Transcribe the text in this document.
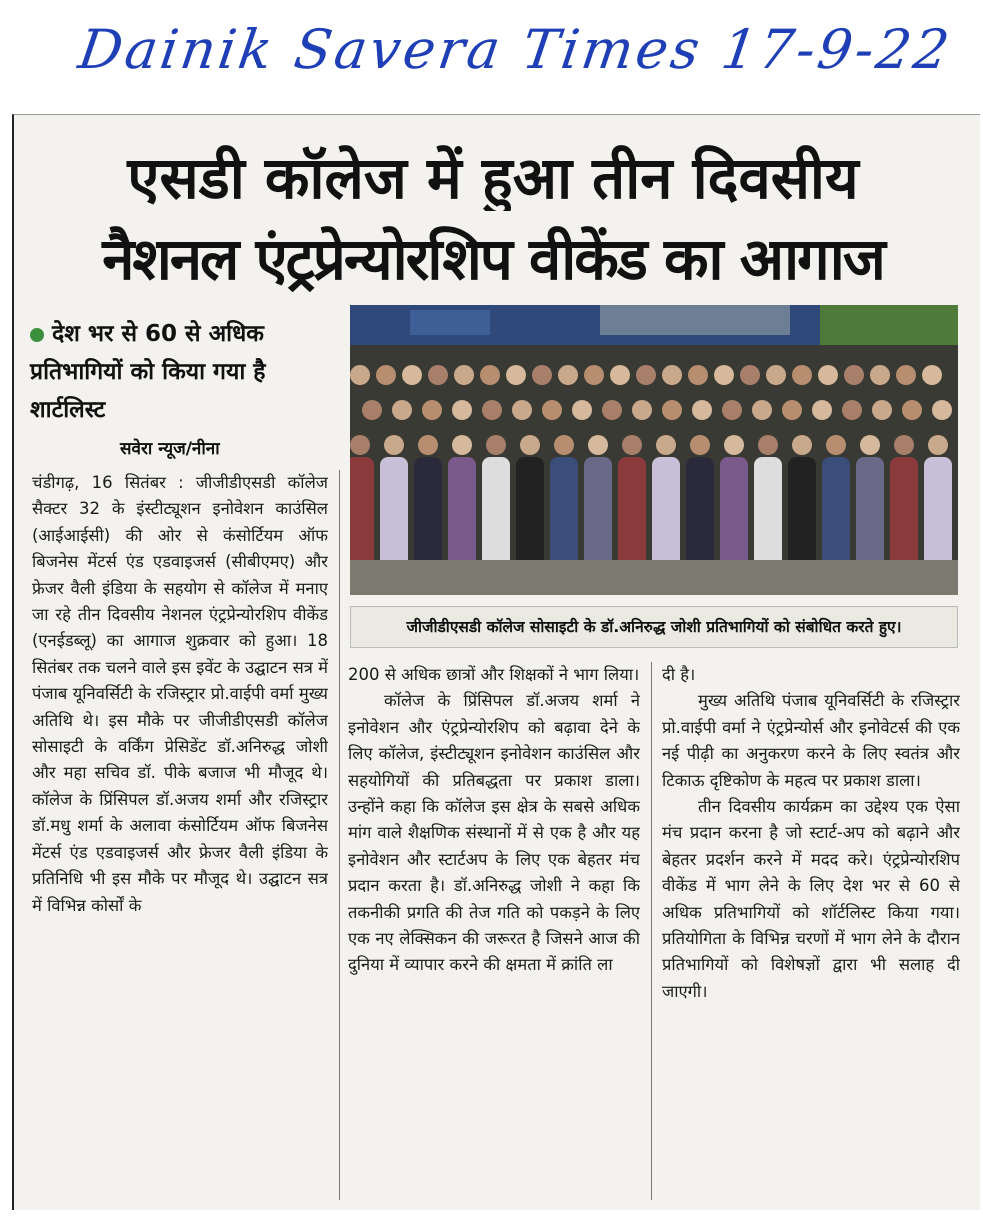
Dainik Savera Times 17-9-22
एसडी कॉलेज में हुआ तीन दिवसीय
नैशनल एंट्रप्रेन्योरशिप वीकेंड का आगाज
देश भर से 60 से अधिक प्रतिभागियों को किया गया है शार्टलिस्ट
सवेरा न्यूज/नीना
जीजीडीएसडी कॉलेज सोसाइटी के डॉ.अनिरुद्ध जोशी प्रतिभागियों को संबोधित करते हुए।

चंडीगढ़, 16 सितंबर : जीजीडीएसडी कॉलेज सैक्टर 32 के इंस्टीट्यूशन इनोवेशन काउंसिल (आईआईसी) की ओर से कंसोर्टियम ऑफ बिजनेस मेंटर्स एंड एडवाइजर्स (सीबीएमए) और फ्रेजर वैली इंडिया के सहयोग से कॉलेज में मनाए जा रहे तीन दिवसीय नेशनल एंट्रप्रेन्योरशिप वीकेंड (एनईडब्लू) का आगाज शुक्रवार को हुआ। 18 सितंबर तक चलने वाले इस इवेंट के उद्घाटन सत्र में पंजाब यूनिवर्सिटी के रजिस्ट्रार प्रो.वाईपी वर्मा मुख्य अतिथि थे। इस मौके पर जीजीडीएसडी कॉलेज सोसाइटी के वर्किंग प्रेसिडेंट डॉ.अनिरुद्ध जोशी और महा सचिव डॉ. पीके बजाज भी मौजूद थे। कॉलेज के प्रिंसिपल डॉ.अजय शर्मा और रजिस्ट्रार डॉ.मधु शर्मा के अलावा कंसोर्टियम ऑफ बिजनेस मेंटर्स एंड एडवाइजर्स और फ्रेजर वैली इंडिया के प्रतिनिधि भी इस मौके पर मौजूद थे। उद्घाटन सत्र में विभिन्न कोर्सों के

200 से अधिक छात्रों और शिक्षकों ने भाग लिया।

कॉलेज के प्रिंसिपल डॉ.अजय शर्मा ने इनोवेशन और एंट्रप्रेन्योरशिप को बढ़ावा देने के लिए कॉलेज, इंस्टीट्यूशन इनोवेशन काउंसिल और सहयोगियों की प्रतिबद्धता पर प्रकाश डाला। उन्होंने कहा कि कॉलेज इस क्षेत्र के सबसे अधिक मांग वाले शैक्षणिक संस्थानों में से एक है और यह इनोवेशन और स्टार्टअप के लिए एक बेहतर मंच प्रदान करता है। डॉ.अनिरुद्ध जोशी ने कहा कि तकनीकी प्रगति की तेज गति को पकड़ने के लिए एक नए लेक्सिकन की जरूरत है जिसने आज की दुनिया में व्यापार करने की क्षमता में क्रांति ला

दी है।

मुख्य अतिथि पंजाब यूनिवर्सिटी के रजिस्ट्रार प्रो.वाईपी वर्मा ने एंट्रप्रेन्योर्स और इनोवेटर्स की एक नई पीढ़ी का अनुकरण करने के लिए स्वतंत्र और टिकाऊ दृष्टिकोण के महत्व पर प्रकाश डाला।

तीन दिवसीय कार्यक्रम का उद्देश्य एक ऐसा मंच प्रदान करना है जो स्टार्ट-अप को बढ़ाने और बेहतर प्रदर्शन करने में मदद करे। एंट्रप्रेन्योरशिप वीकेंड में भाग लेने के लिए देश भर से 60 से अधिक प्रतिभागियों को शॉर्टलिस्ट किया गया। प्रतियोगिता के विभिन्न चरणों में भाग लेने के दौरान प्रतिभागियों को विशेषज्ञों द्वारा भी सलाह दी जाएगी।
